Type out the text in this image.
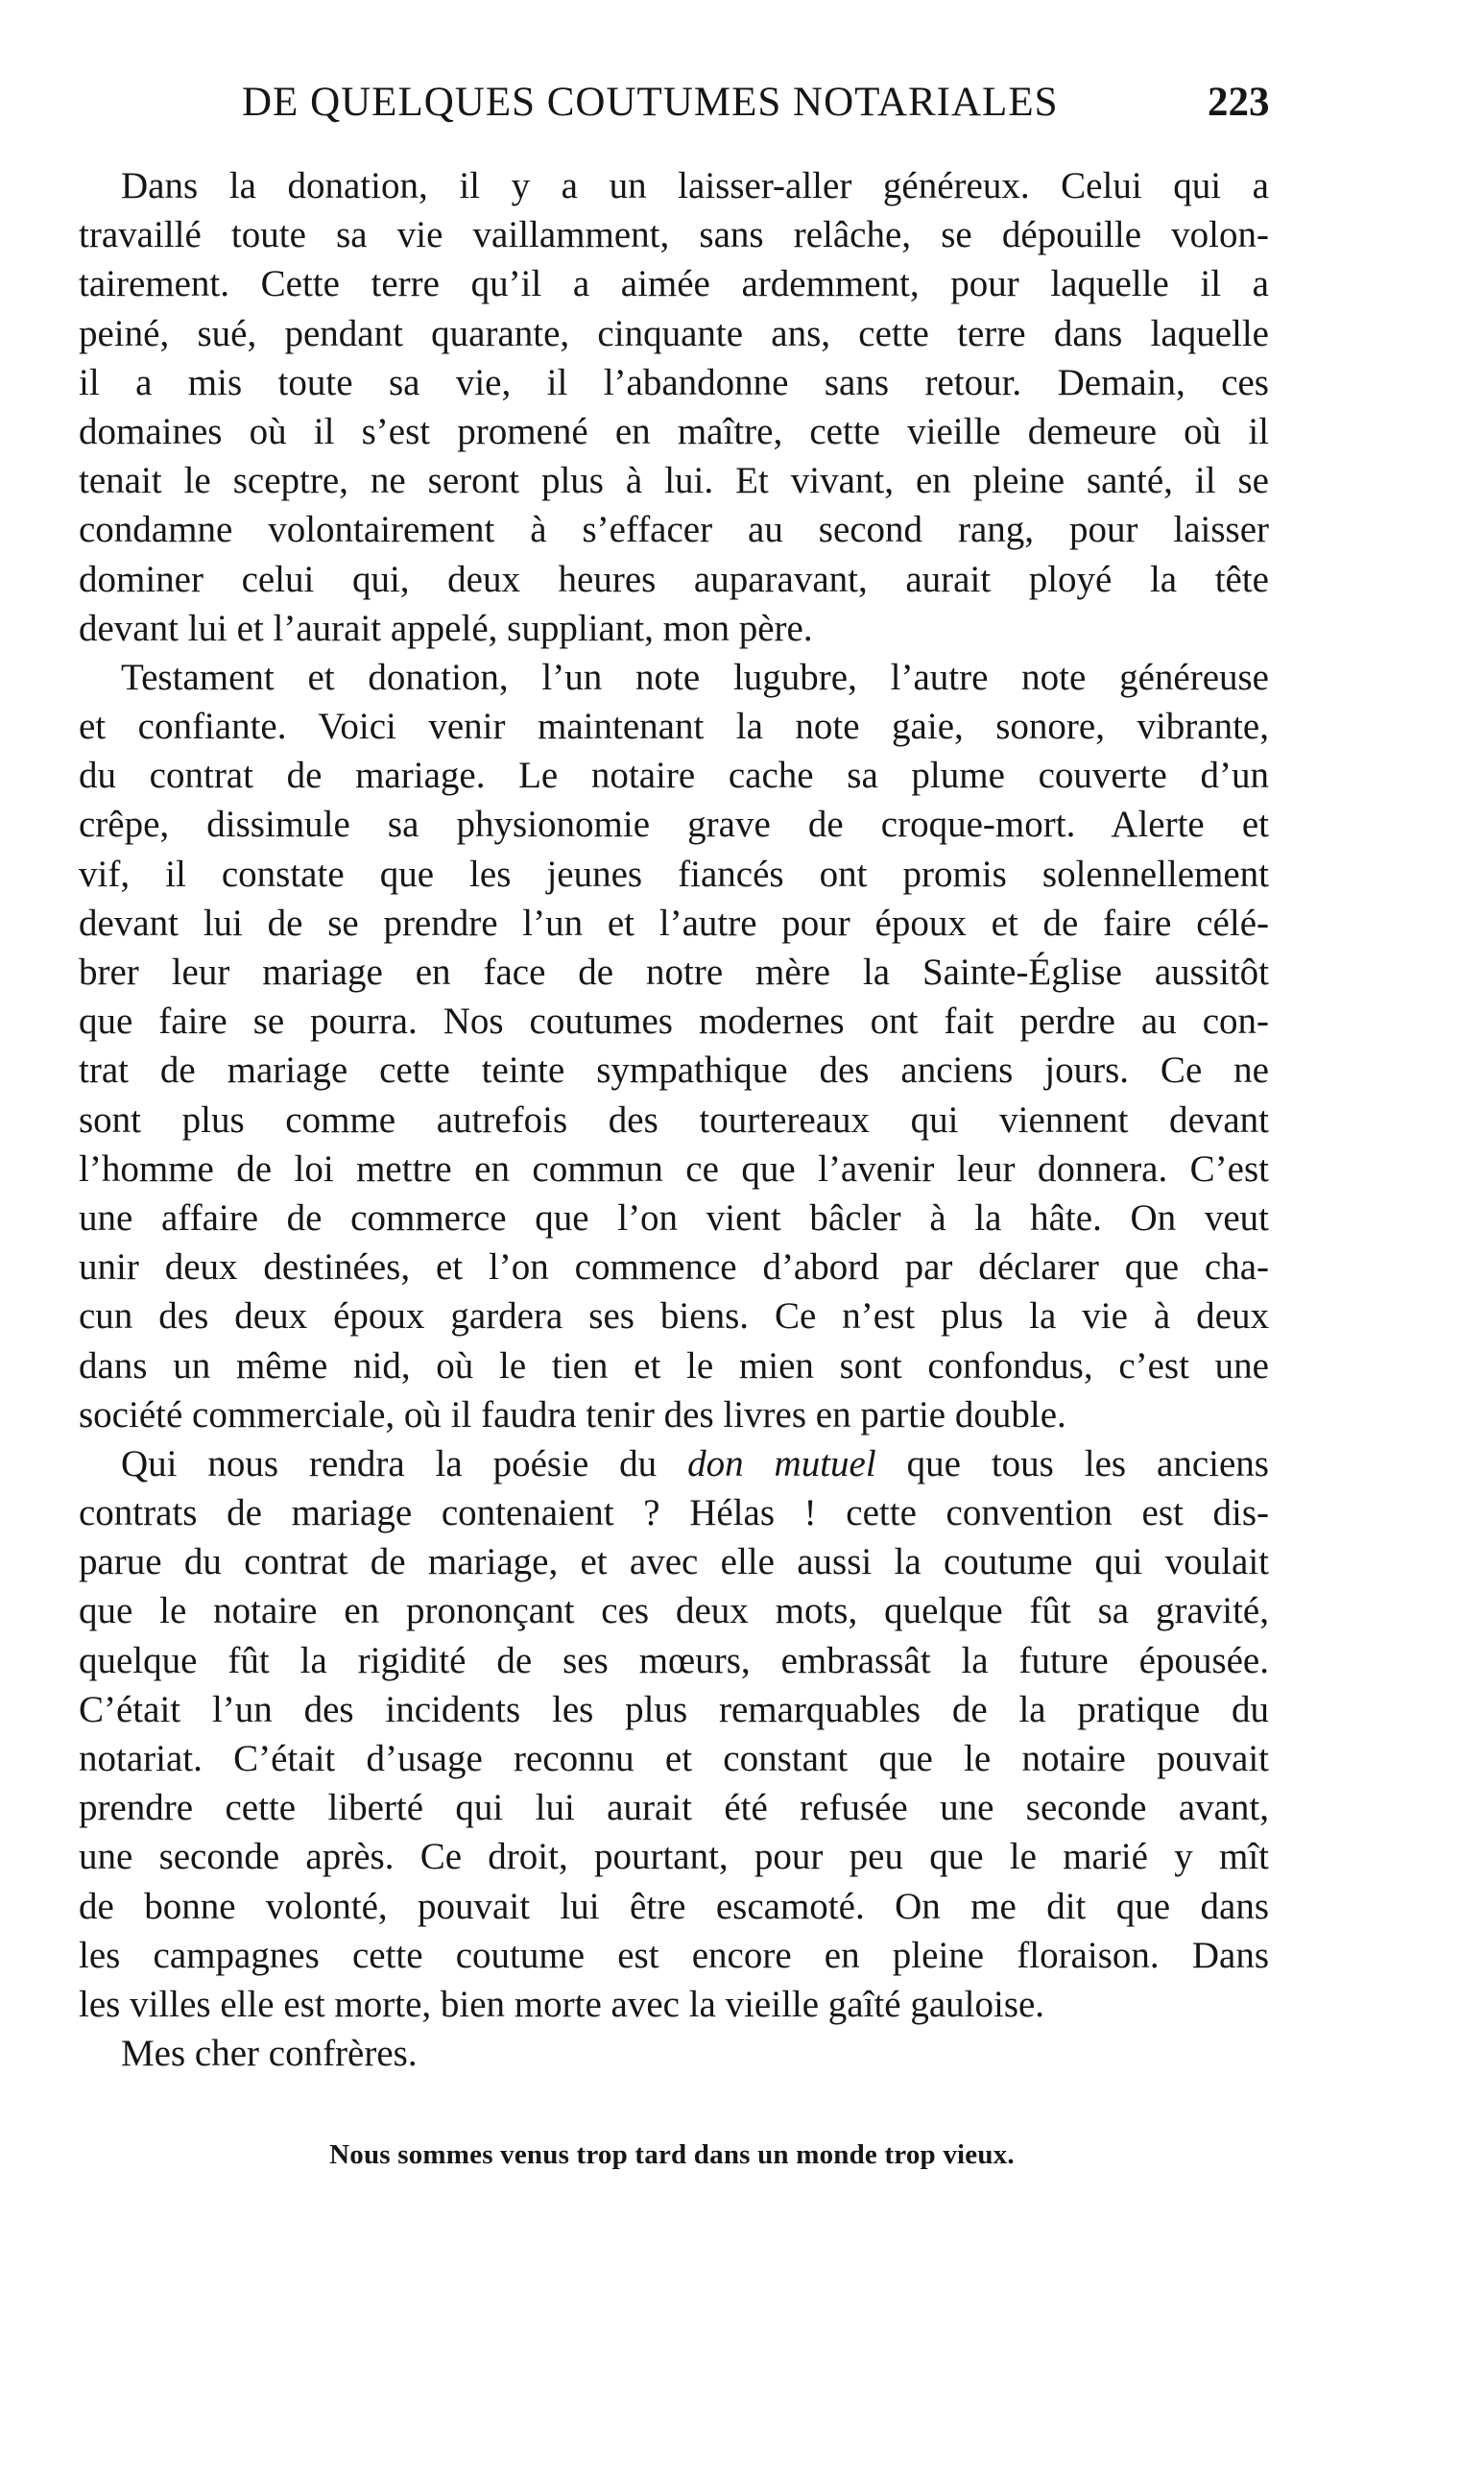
DE QUELQUES COUTUMES NOTARIALES	223
Dans la donation, il y a un laisser-aller généreux. Celui qui a
travaillé toute sa vie vaillamment, sans relâche, se dépouille volon-
tairement. Cette terre qu’il a aimée ardemment, pour laquelle il a
peiné, sué, pendant quarante, cinquante ans, cette terre dans laquelle
il a mis toute sa vie, il l’abandonne sans retour. Demain, ces
domaines où il s’est promené en maître, cette vieille demeure où il
tenait le sceptre, ne seront plus à lui. Et vivant, en pleine santé, il se
condamne volontairement à s’effacer au second rang, pour laisser
dominer celui qui, deux heures auparavant, aurait ployé la tête
devant lui et l’aurait appelé, suppliant, mon père.
Testament et donation, l’un note lugubre, l’autre note généreuse
et confiante. Voici venir maintenant la note gaie, sonore, vibrante,
du contrat de mariage. Le notaire cache sa plume couverte d’un
crêpe, dissimule sa physionomie grave de croque-mort. Alerte et
vif, il constate que les jeunes fiancés ont promis solennellement
devant lui de se prendre l’un et l’autre pour époux et de faire célé-
brer leur mariage en face de notre mère la Sainte-Église aussitôt
que faire se pourra. Nos coutumes modernes ont fait perdre au con-
trat de mariage cette teinte sympathique des anciens jours. Ce ne
sont plus comme autrefois des tourtereaux qui viennent devant
l’homme de loi mettre en commun ce que l’avenir leur donnera. C’est
une affaire de commerce que l’on vient bâcler à la hâte. On veut
unir deux destinées, et l’on commence d’abord par déclarer que cha-
cun des deux époux gardera ses biens. Ce n’est plus la vie à deux
dans un même nid, où le tien et le mien sont confondus, c’est une
société commerciale, où il faudra tenir des livres en partie double.
Qui nous rendra la poésie du don mutuel que tous les anciens
contrats de mariage contenaient ? Hélas ! cette convention est dis-
parue du contrat de mariage, et avec elle aussi la coutume qui voulait
que le notaire en prononçant ces deux mots, quelque fût sa gravité,
quelque fût la rigidité de ses mœurs, embrassât la future épousée.
C’était l’un des incidents les plus remarquables de la pratique du
notariat. C’était d’usage reconnu et constant que le notaire pouvait
prendre cette liberté qui lui aurait été refusée une seconde avant,
une seconde après. Ce droit, pourtant, pour peu que le marié y mît
de bonne volonté, pouvait lui être escamoté. On me dit que dans
les campagnes cette coutume est encore en pleine floraison. Dans
les villes elle est morte, bien morte avec la vieille gaîté gauloise.
Mes cher confrères.
Nous sommes venus trop tard dans un monde trop vieux.
